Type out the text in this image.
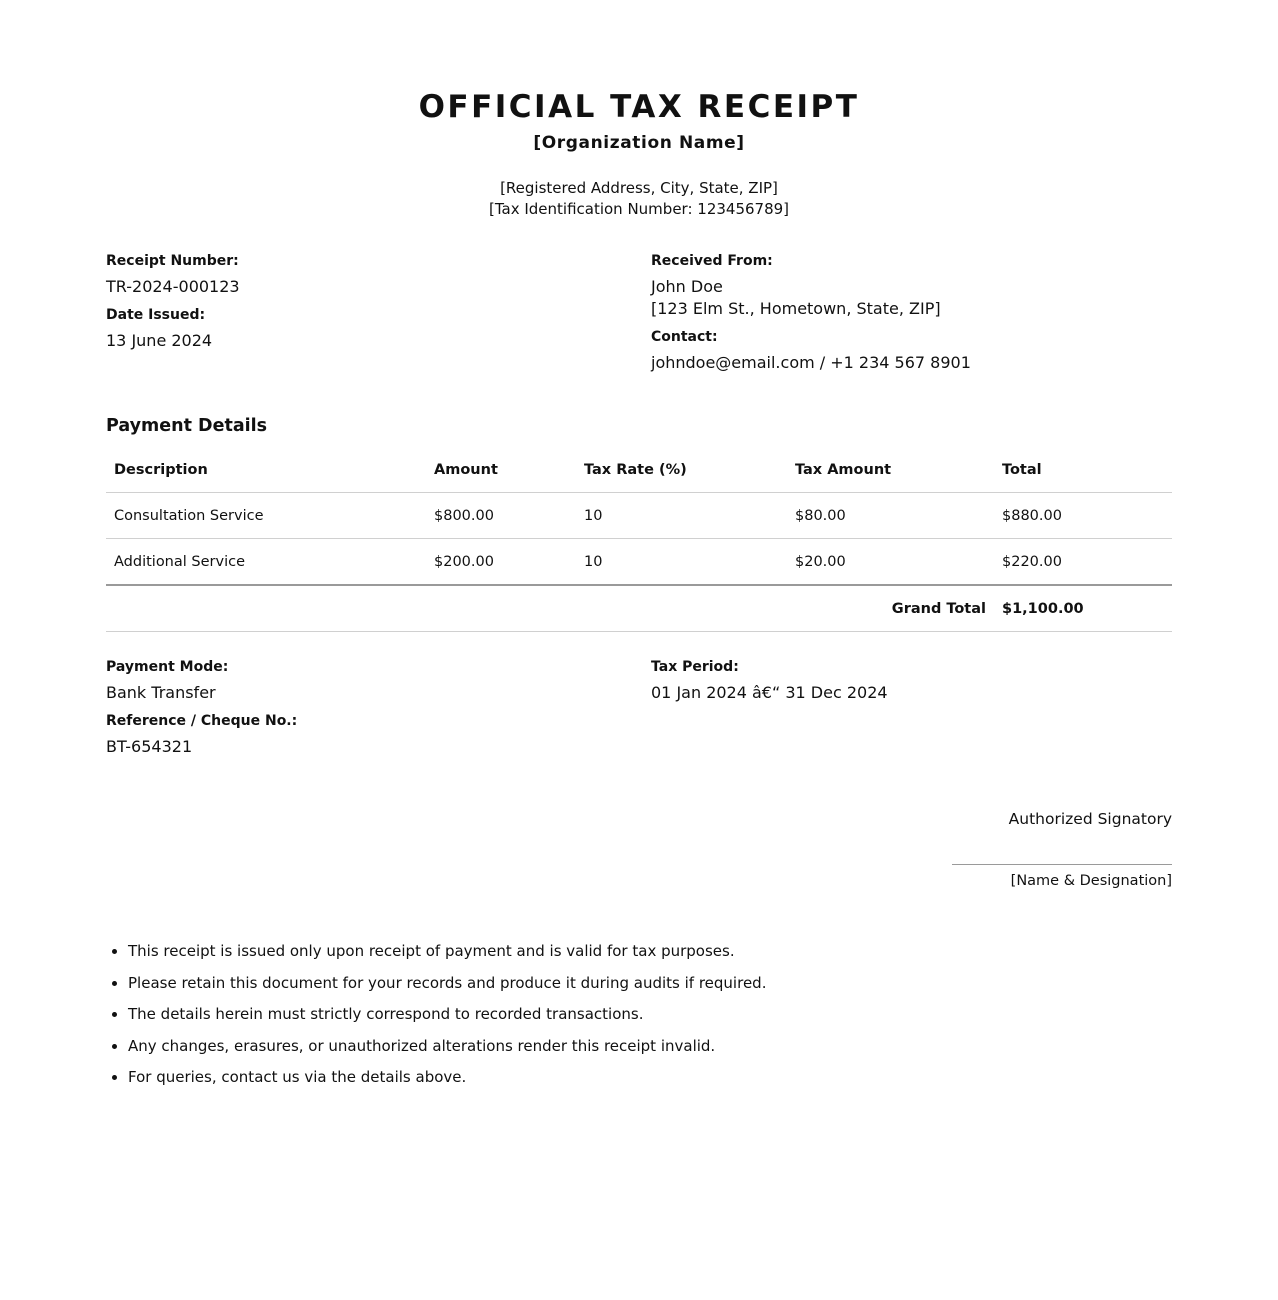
OFFICIAL TAX RECEIPT
[Organization Name]
[Registered Address, City, State, ZIP]
[Tax Identification Number: 123456789]
Receipt Number:
TR-2024-000123
Date Issued:
13 June 2024
Received From:
John Doe
[123 Elm St., Hometown, State, ZIP]
Contact:
johndoe@email.com / +1 234 567 8901
Payment Details
Description	Amount	Tax Rate (%)	Tax Amount	Total
Consultation Service	$800.00	10	$80.00	$880.00
Additional Service	$200.00	10	$20.00	$220.00
Grand Total				$1,100.00
Payment Mode:
Bank Transfer
Reference / Cheque No.:
BT-654321
Tax Period:
01 Jan 2024 â€“ 31 Dec 2024
Authorized Signatory
[Name & Designation]
• This receipt is issued only upon receipt of payment and is valid for tax purposes.
• Please retain this document for your records and produce it during audits if required.
• The details herein must strictly correspond to recorded transactions.
• Any changes, erasures, or unauthorized alterations render this receipt invalid.
• For queries, contact us via the details above.
